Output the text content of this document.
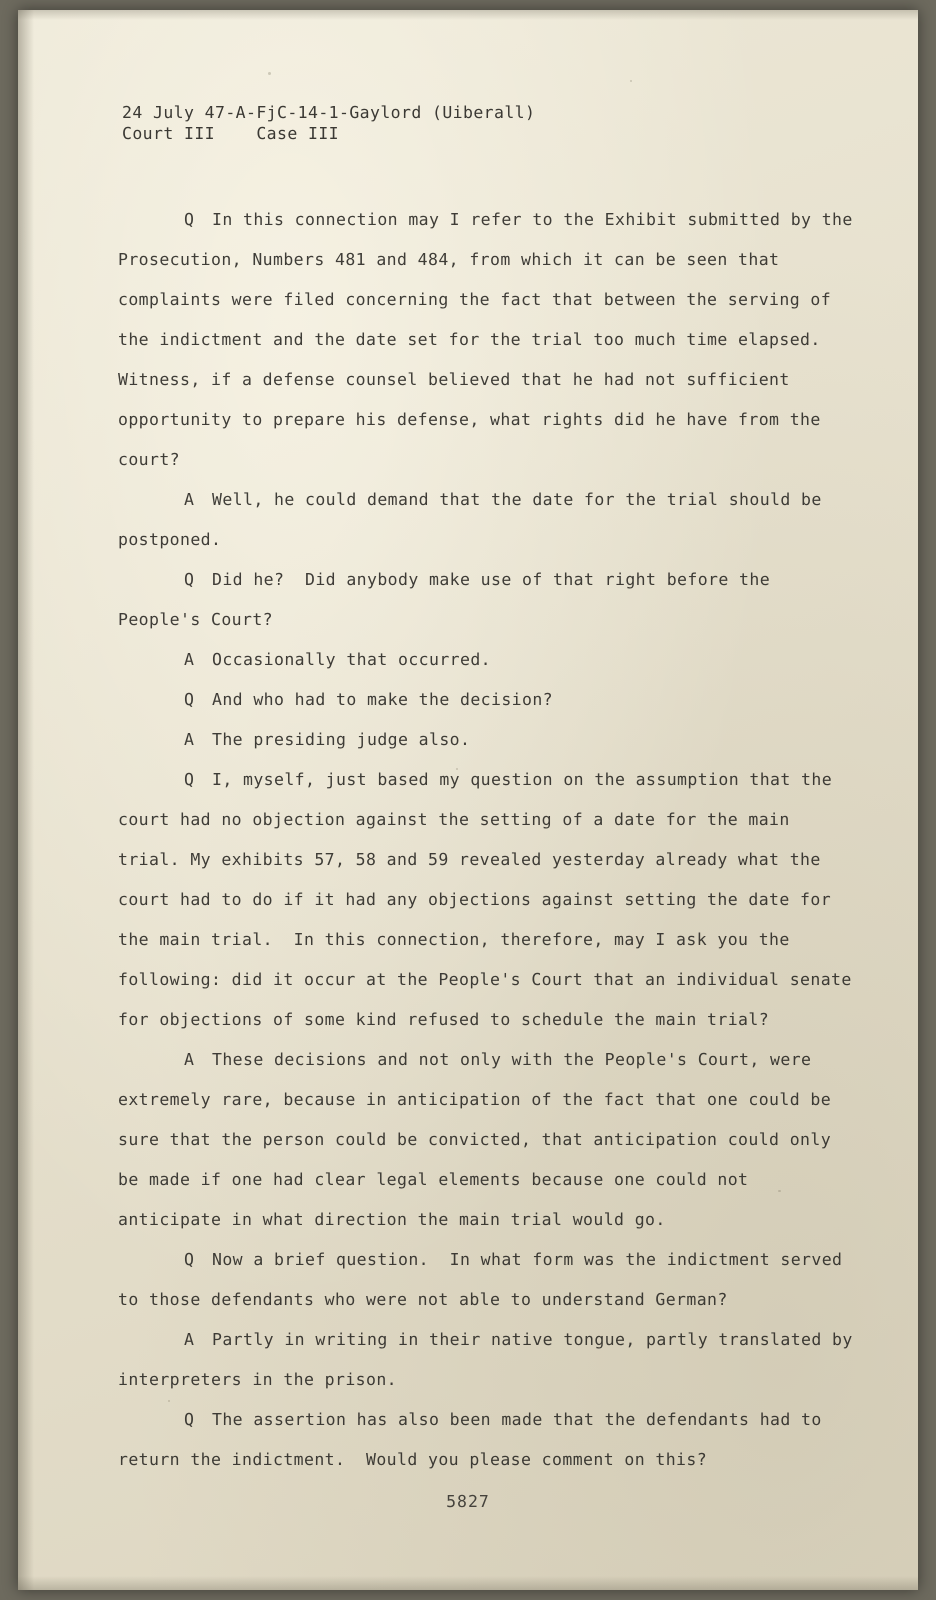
24 July 47-A-FjC-14-1-Gaylord (Uiberall)
Court III    Case III

Q In this connection may I refer to the Exhibit submitted by the Prosecution, Numbers 481 and 484, from which it can be seen that complaints were filed concerning the fact that between the serving of the indictment and the date set for the trial too much time elapsed. Witness, if a defense counsel believed that he had not sufficient opportunity to prepare his defense, what rights did he have from the court?

A Well, he could demand that the date for the trial should be postponed.

Q Did he?  Did anybody make use of that right before the People's Court?

A Occasionally that occurred.

Q And who had to make the decision?

A The presiding judge also.

Q I, myself, just based my question on the assumption that the court had no objection against the setting of a date for the main trial. My exhibits 57, 58 and 59 revealed yesterday already what the court had to do if it had any objections against setting the date for the main trial.  In this connection, therefore, may I ask you the following: did it occur at the People's Court that an individual senate for objections of some kind refused to schedule the main trial?

A These decisions and not only with the People's Court, were extremely rare, because in anticipation of the fact that one could be sure that the person could be convicted, that anticipation could only be made if one had clear legal elements because one could not anticipate in what direction the main trial would go.

Q Now a brief question.  In what form was the indictment served to those defendants who were not able to understand German?

A Partly in writing in their native tongue, partly translated by interpreters in the prison.

Q The assertion has also been made that the defendants had to return the indictment.  Would you please comment on this?

5827
